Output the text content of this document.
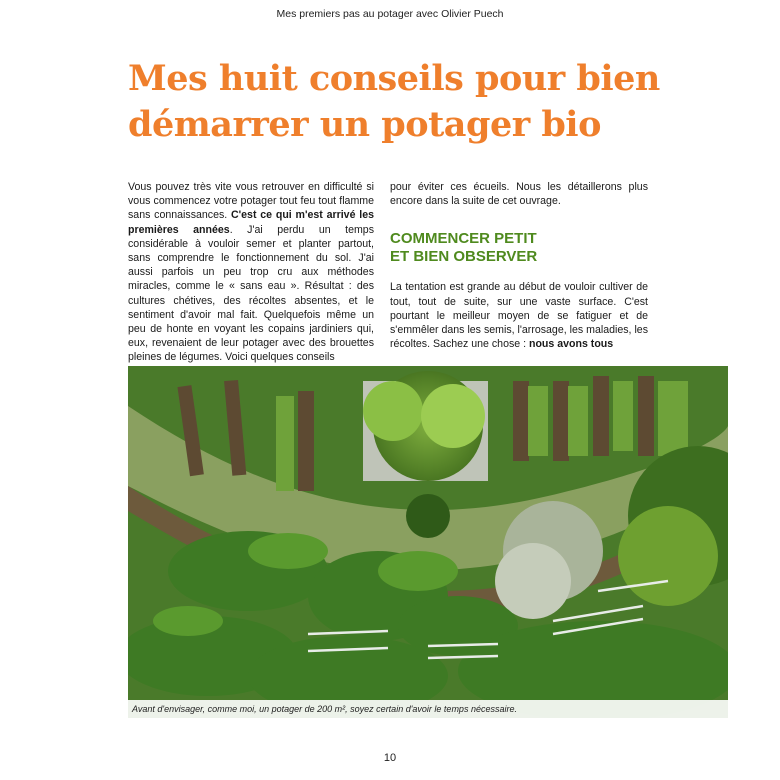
Mes premiers pas au potager avec Olivier Puech
Mes huit conseils pour bien démarrer un potager bio

Vous pouvez très vite vous retrouver en difficulté si vous commencez votre potager tout feu tout flamme sans connaissances. C'est ce qui m'est arrivé les premières années. J'ai perdu un temps considérable à vouloir semer et planter partout, sans comprendre le fonctionnement du sol. J'ai aussi parfois un peu trop cru aux méthodes miracles, comme le « sans eau ». Résultat : des cultures chétives, des récoltes absentes, et le sentiment d'avoir mal fait. Quelquefois même un peu de honte en voyant les copains jardiniers qui, eux, revenaient de leur potager avec des brouettes pleines de légumes. Voici quelques conseils

pour éviter ces écueils. Nous les détaillerons plus encore dans la suite de cet ouvrage.

COMMENCER PETIT
ET BIEN OBSERVER

La tentation est grande au début de vouloir cultiver de tout, tout de suite, sur une vaste surface. C'est pourtant le meilleur moyen de se fatiguer et de s'emmêler dans les semis, l'arrosage, les maladies, les récoltes. Sachez une chose : nous avons tous

Avant d'envisager, comme moi, un potager de 200 m², soyez certain d'avoir le temps nécessaire.
10
